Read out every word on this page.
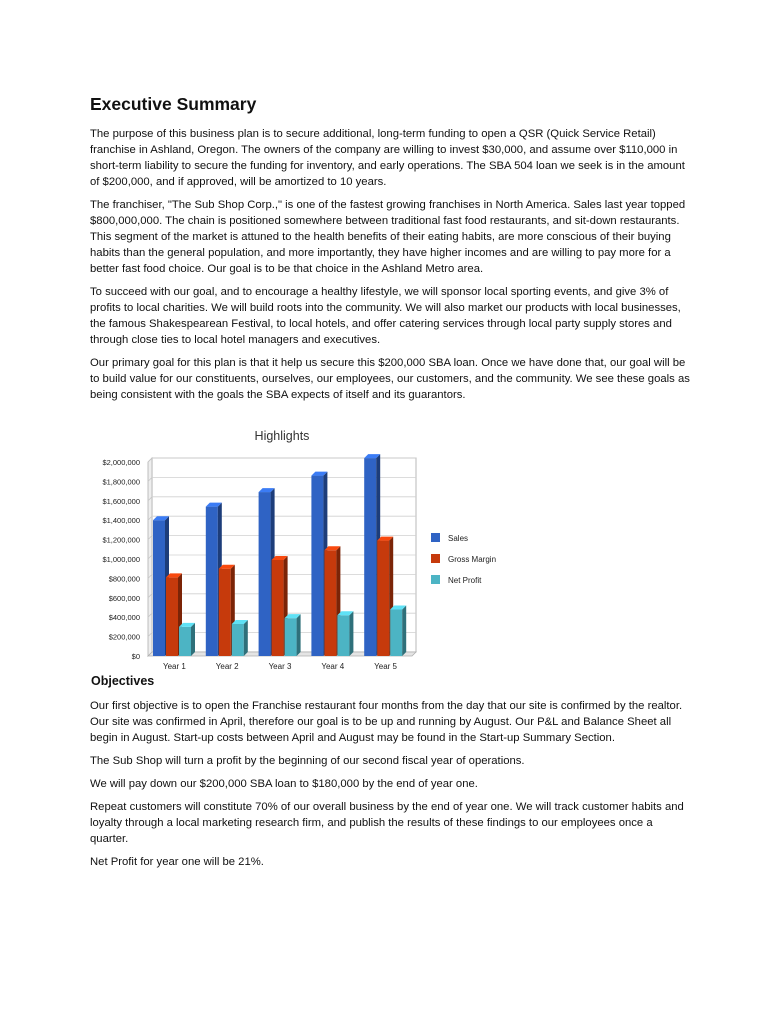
Executive Summary

The purpose of this business plan is to secure additional, long-term funding to open a QSR (Quick Service Retail) franchise in Ashland, Oregon. The owners of the company are willing to invest $30,000, and assume over $110,000 in short-term liability to secure the funding for inventory, and early operations. The SBA 504 loan we seek is in the amount of $200,000, and if approved, will be amortized to 10 years.

The franchiser, "The Sub Shop Corp.," is one of the fastest growing franchises in North America. Sales last year topped $800,000,000. The chain is positioned somewhere between traditional fast food restaurants, and sit-down restaurants. This segment of the market is attuned to the health benefits of their eating habits, are more conscious of their buying habits than the general population, and more importantly, they have higher incomes and are willing to pay more for a better fast food choice. Our goal is to be that choice in the Ashland Metro area.

To succeed with our goal, and to encourage a healthy lifestyle, we will sponsor local sporting events, and give 3% of profits to local charities. We will build roots into the community. We will also market our products with local businesses, the famous Shakespearean Festival, to local hotels, and offer catering services through local party supply stores and through close ties to local hotel managers and executives.

Our primary goal for this plan is that it help us secure this $200,000 SBA loan. Once we have done that, our goal will be to build value for our constituents, ourselves, our employees, our customers, and the community. We see these goals as being consistent with the goals the SBA expects of itself and its guarantors.

Highlights
$0
$200,000
$400,000
$600,000
$800,000
$1,000,000
$1,200,000
$1,400,000
$1,600,000
$1,800,000
$2,000,000
Year 1	Year 2	Year 3	Year 4	Year 5
Sales
Gross Margin
Net Profit
Objectives

Our first objective is to open the Franchise restaurant four months from the day that our site is confirmed by the realtor. Our site was confirmed in April, therefore our goal is to be up and running by August. Our P&L and Balance Sheet all begin in August. Start-up costs between April and August may be found in the Start-up Summary Section.

The Sub Shop will turn a profit by the beginning of our second fiscal year of operations.

We will pay down our $200,000 SBA loan to $180,000 by the end of year one.

Repeat customers will constitute 70% of our overall business by the end of year one. We will track customer habits and loyalty through a local marketing research firm, and publish the results of these findings to our employees once a quarter.

Net Profit for year one will be 21%.
